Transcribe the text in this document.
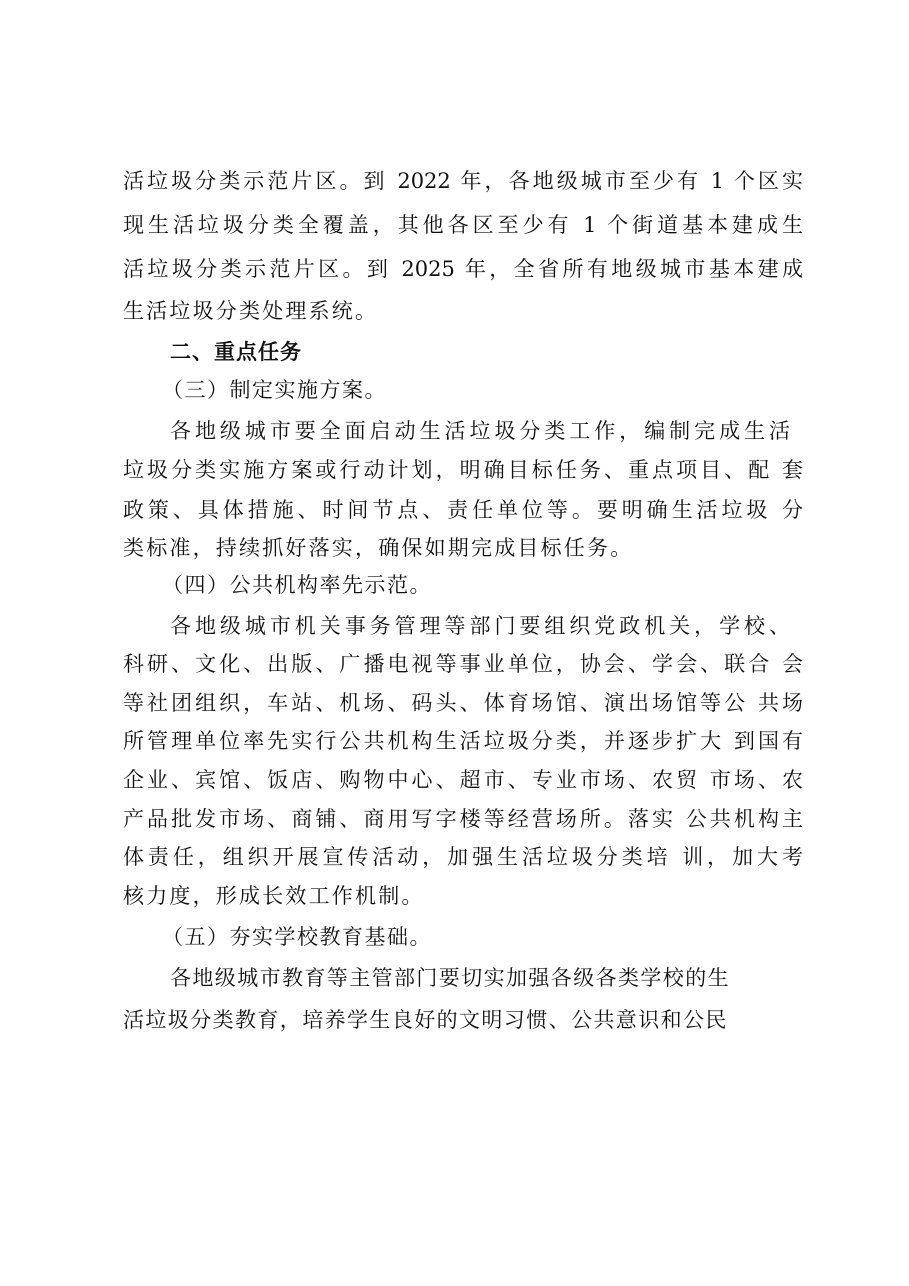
活垃圾分类示范片区。到 2022 年，各地级城市至少有 1 个区实
现生活垃圾分类全覆盖，其他各区至少有 1 个街道基本建成生
活垃圾分类示范片区。到 2025 年，全省所有地级城市基本建成
生活垃圾分类处理系统。
二、重点任务
（三）制定实施方案。
各地级城市要全面启动生活垃圾分类工作，编制完成生活
垃圾分类实施方案或行动计划，明确目标任务、重点项目、配 套
政策、具体措施、时间节点、责任单位等。要明确生活垃圾 分
类标准，持续抓好落实，确保如期完成目标任务。
（四）公共机构率先示范。
各地级城市机关事务管理等部门要组织党政机关，学校、
科研、文化、出版、广播电视等事业单位，协会、学会、联合 会
等社团组织，车站、机场、码头、体育场馆、演出场馆等公 共场
所管理单位率先实行公共机构生活垃圾分类，并逐步扩大 到国有
企业、宾馆、饭店、购物中心、超市、专业市场、农贸 市场、农
产品批发市场、商铺、商用写字楼等经营场所。落实 公共机构主
体责任，组织开展宣传活动，加强生活垃圾分类培 训，加大考
核力度，形成长效工作机制。
（五）夯实学校教育基础。
各地级城市教育等主管部门要切实加强各级各类学校的生
活垃圾分类教育，培养学生良好的文明习惯、公共意识和公民
